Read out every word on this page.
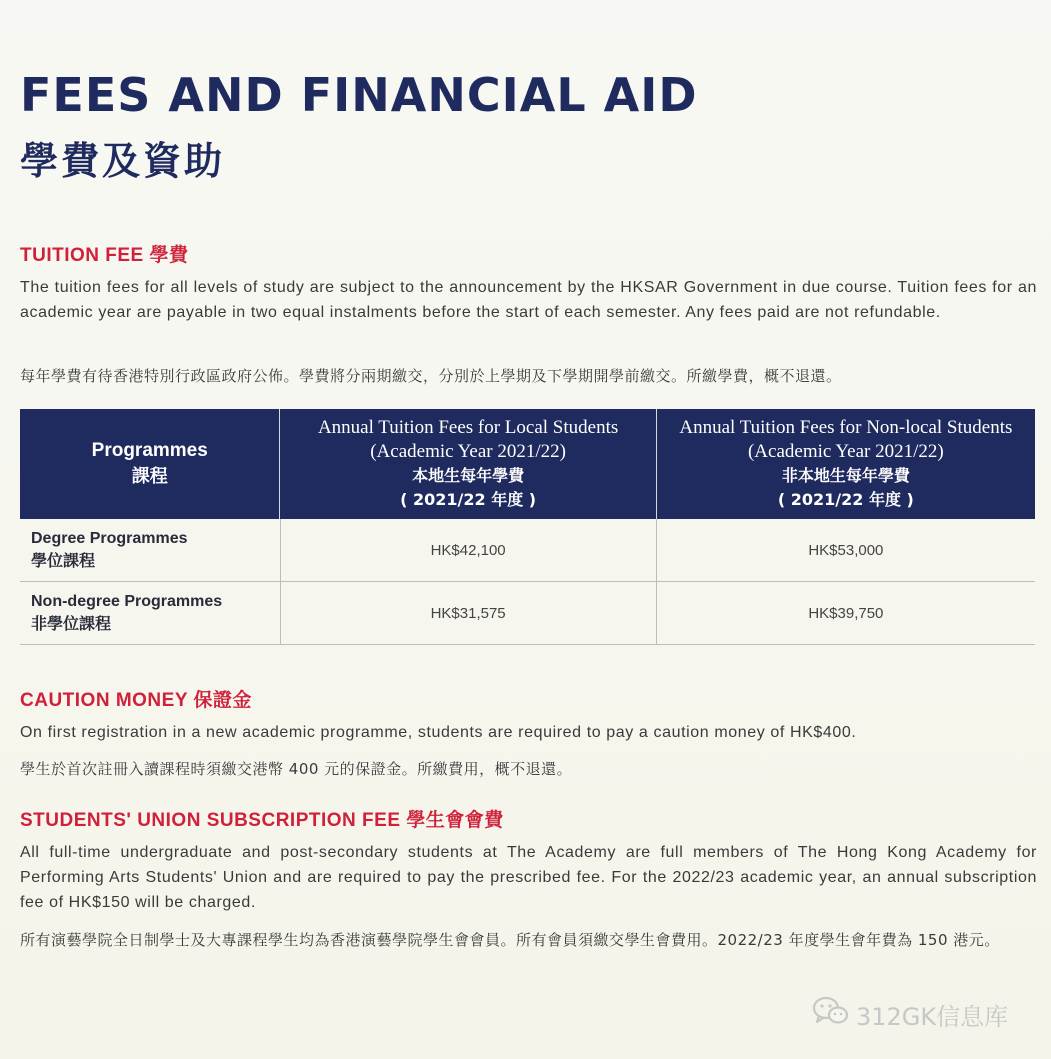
FEES AND FINANCIAL AID
學費及資助
TUITION FEE 學費
The tuition fees for all levels of study are subject to the announcement by the HKSAR Government in due course. Tuition fees for an academic year are payable in two equal instalments before the start of each semester. Any fees paid are not refundable.
每年學費有待香港特別行政區政府公佈。學費將分兩期繳交，分別於上學期及下學期開學前繳交。所繳學費，概不退還。
Programmes
課程
Annual Tuition Fees for Local Students
(Academic Year 2021/22)
本地生每年學費
( 2021/22 年度 )
Annual Tuition Fees for Non-local Students
(Academic Year 2021/22)
非本地生每年學費
( 2021/22 年度 )
Degree Programmes
學位課程
HK$42,100	HK$53,000
Non-degree Programmes
非學位課程
HK$31,575	HK$39,750
CAUTION MONEY 保證金
On first registration in a new academic programme, students are required to pay a caution money of HK$400.
學生於首次註冊入讀課程時須繳交港幣 400 元的保證金。所繳費用，概不退還。
STUDENTS' UNION SUBSCRIPTION FEE 學生會會費
All full-time undergraduate and post-secondary students at The Academy are full members of The Hong Kong Academy for Performing Arts Students' Union and are required to pay the prescribed fee. For the 2022/23 academic year, an annual subscription fee of HK$150 will be charged.
所有演藝學院全日制學士及大專課程學生均為香港演藝學院學生會會員。所有會員須繳交學生會費用。2022/23 年度學生會年費為 150 港元。
312GK信息库
